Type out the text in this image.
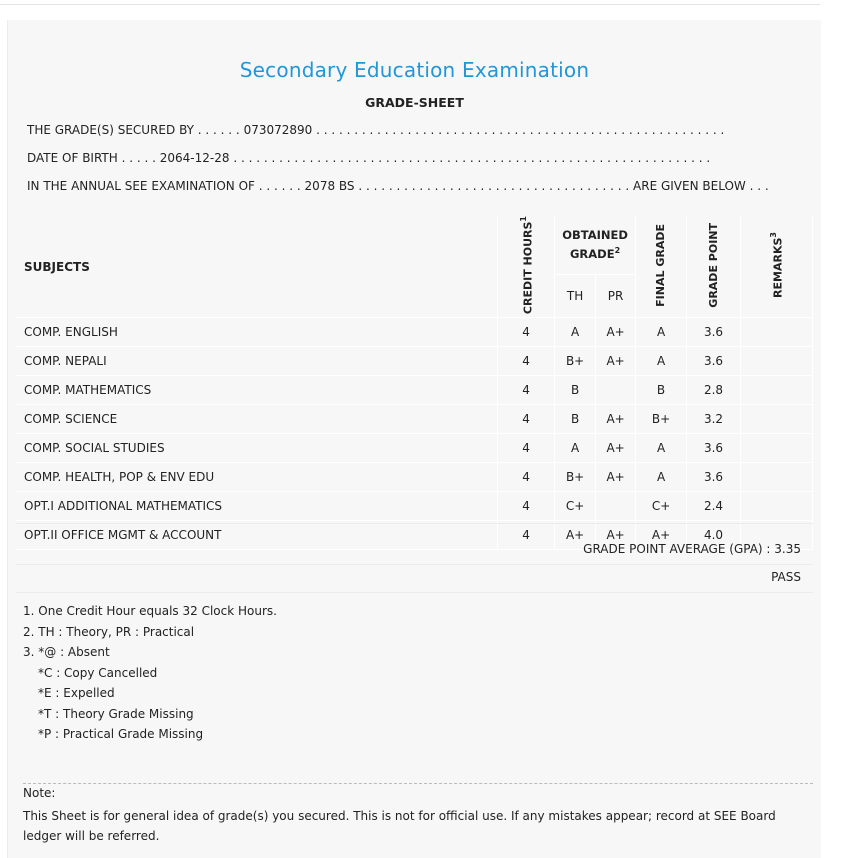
Secondary Education Examination
GRADE-SHEET
THE GRADE(S) SECURED BY . . . . . . 073072890 . . . . . . . . . . . . . . . . . . . . . . . . . . . . . . . . . . . . . . . . . . . . . . . . . . . . . .
DATE OF BIRTH . . . . . 2064-12-28 . . . . . . . . . . . . . . . . . . . . . . . . . . . . . . . . . . . . . . . . . . . . . . . . . . . . . . . . . . . . . . .
IN THE ANNUAL SEE EXAMINATION OF . . . . . . 2078 BS . . . . . . . . . . . . . . . . . . . . . . . . . . . . . . . . . . . . ARE GIVEN BELOW . . .
SUBJECTS	CREDIT HOURS$^1$	OBTAINED GRADE$^2$		FINAL GRADE	GRADE POINT	REMARKS$^3$
		TH	PR			
COMP. ENGLISH	4	A	A+	A	3.6	
COMP. NEPALI	4	B+	A+	A	3.6	
COMP. MATHEMATICS	4	B		B	2.8	
COMP. SCIENCE	4	B	A+	B+	3.2	
COMP. SOCIAL STUDIES	4	A	A+	A	3.6	
COMP. HEALTH, POP & ENV EDU	4	B+	A+	A	3.6	
OPT.I ADDITIONAL MATHEMATICS	4	C+		C+	2.4	
OPT.II OFFICE MGMT & ACCOUNT	4	A+	A+	A+	4.0	
GRADE POINT AVERAGE (GPA) : 3.35
PASS
1. One Credit Hour equals 32 Clock Hours.
2. TH : Theory, PR : Practical
3. *@ : Absent
*C : Copy Cancelled
*E : Expelled
*T : Theory Grade Missing
*P : Practical Grade Missing
Note:
This Sheet is for general idea of grade(s) you secured. This is not for official use. If any mistakes appear; record at SEE Board ledger will be referred.
